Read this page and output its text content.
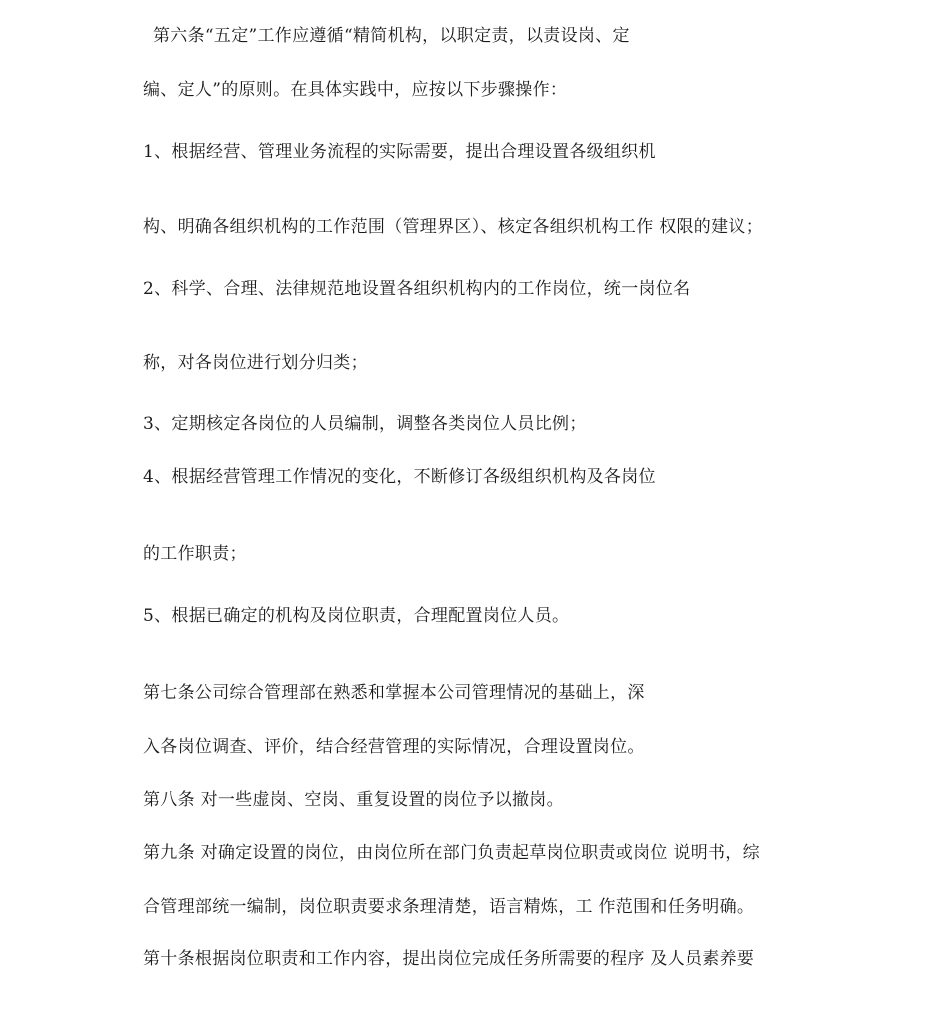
第六条“五定”工作应遵循“精简机构，以职定责，以责设岗、定
编、定人”的原则。在具体实践中，应按以下步骤操作：
1、根据经营、管理业务流程的实际需要，提出合理设置各级组织机
构、明确各组织机构的工作范围（管理界区）、核定各组织机构工作 权限的建议；
2、科学、合理、法律规范地设置各组织机构内的工作岗位，统一岗位名
称，对各岗位进行划分归类；
3、定期核定各岗位的人员编制，调整各类岗位人员比例；
4、根据经营管理工作情况的变化，不断修订各级组织机构及各岗位
的工作职责；
5、根据已确定的机构及岗位职责，合理配置岗位人员。
第七条公司综合管理部在熟悉和掌握本公司管理情况的基础上，深
入各岗位调查、评价，结合经营管理的实际情况，合理设置岗位。
第八条 对一些虚岗、空岗、重复设置的岗位予以撤岗。
第九条 对确定设置的岗位，由岗位所在部门负责起草岗位职责或岗位 说明书，综
合管理部统一编制，岗位职责要求条理清楚，语言精炼，工 作范围和任务明确。
第十条根据岗位职责和工作内容，提出岗位完成任务所需要的程序 及人员素养要
